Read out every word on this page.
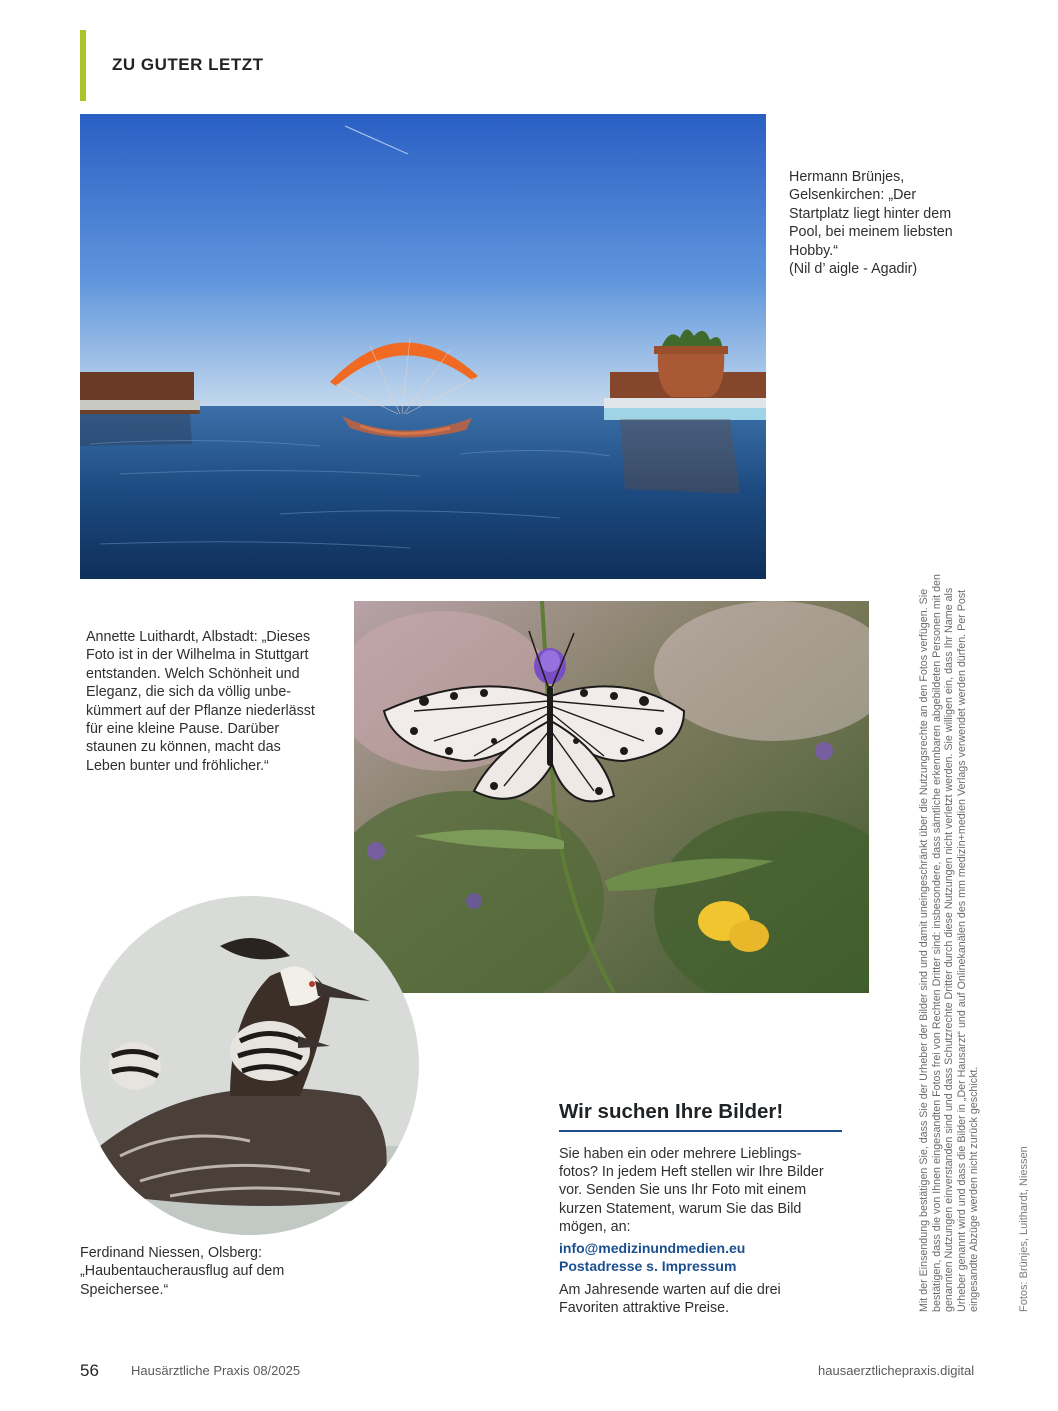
ZU GUTER LETZT
Hermann Brünjes,
Gelsenkirchen: „Der
Startplatz liegt hinter dem
Pool, bei meinem liebsten
Hobby.“
(Nil d’ aigle - Agadir)
Annette Luithardt, Albstadt: „Dieses
Foto ist in der Wilhelma in Stuttgart
entstanden. Welch Schönheit und
Eleganz, die sich da völlig unbe-
kümmert auf der Pflanze niederlässt
für eine kleine Pause. Darüber
staunen zu können, macht das
Leben bunter und fröhlicher.“
Ferdinand Niessen, Olsberg:
„Haubentaucherausflug auf dem
Speichersee.“
Wir suchen Ihre Bilder!
Sie haben ein oder mehrere Lieblings-
fotos? In jedem Heft stellen wir Ihre Bilder
vor. Senden Sie uns Ihr Foto mit einem
kurzen Statement, warum Sie das Bild
mögen, an:
info@medizinundmedien.eu
Postadresse s. Impressum
Am Jahresende warten auf die drei
Favoriten attraktive Preise.	Mit der Einsendung bestätigen Sie, dass Sie der Urheber der Bilder sind und damit uneingeschränkt über die Nutzungsrechte an den Fotos verfügen. Sie bestätigen, dass die von Ihnen eingesandten Fotos frei von Rechten Dritter sind: insbesondere, dass sämtliche erkennbaren abgebildeten Personen mit den genannten Nutzungen einverstanden sind und dass Schutzrechte Dritter durch diese Nutzungen nicht verletzt werden. Sie willigen ein, dass Ihr Name als Urheber genannt wird und dass die Bilder in „Der Hausarzt“ und auf Onlinekanälen des mm medizin+medien Verlags verwendet werden dürfen. Per Post eingesandte Abzüge werden nicht zurück geschickt.	Fotos: Brünjes, Luithardt, Niessen
56 Hausärztliche Praxis 08/2025	hausaerztlichepraxis.digital
